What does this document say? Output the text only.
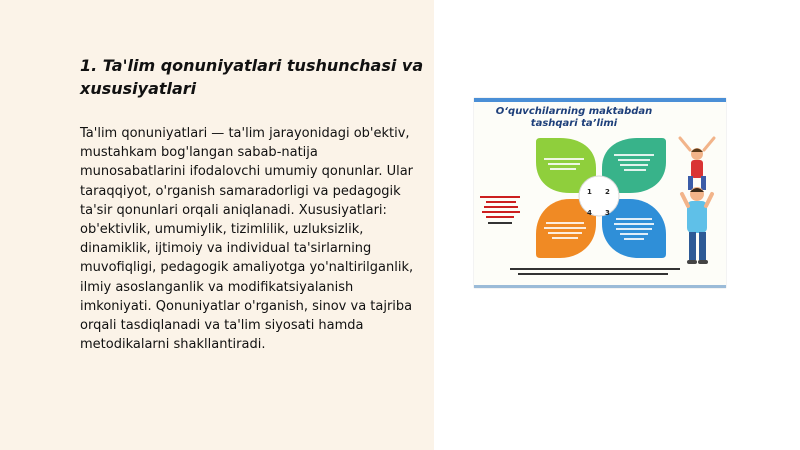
1. Ta'lim qonuniyatlari tushunchasi va xususiyatlari

Ta'lim qonuniyatlari — ta'lim jarayonidagi ob'ektiv, mustahkam bog'langan sabab-natija munosabatlarini ifodalovchi umumiy qonunlar. Ular taraqqiyot, o'rganish samaradorligi va pedagogik ta'sir qonunlari orqali aniqlanadi. Xususiyatlari: ob'ektivlik, umumiylik, tizimlilik, uzluksizlik, dinamiklik, ijtimoiy va individual ta'sirlarning muvofiqligi, pedagogik amaliyotga yo'naltirilganlik, ilmiy asoslanganlik va modifikatsiyalanish imkoniyati. Qonuniyatlar o'rganish, sinov va tajriba orqali tasdiqlanadi va ta'lim siyosati hamda metodikalarni shakllantiradi.

O‘quvchilarning maktabdan tashqari ta’limi
1 2
3
4
